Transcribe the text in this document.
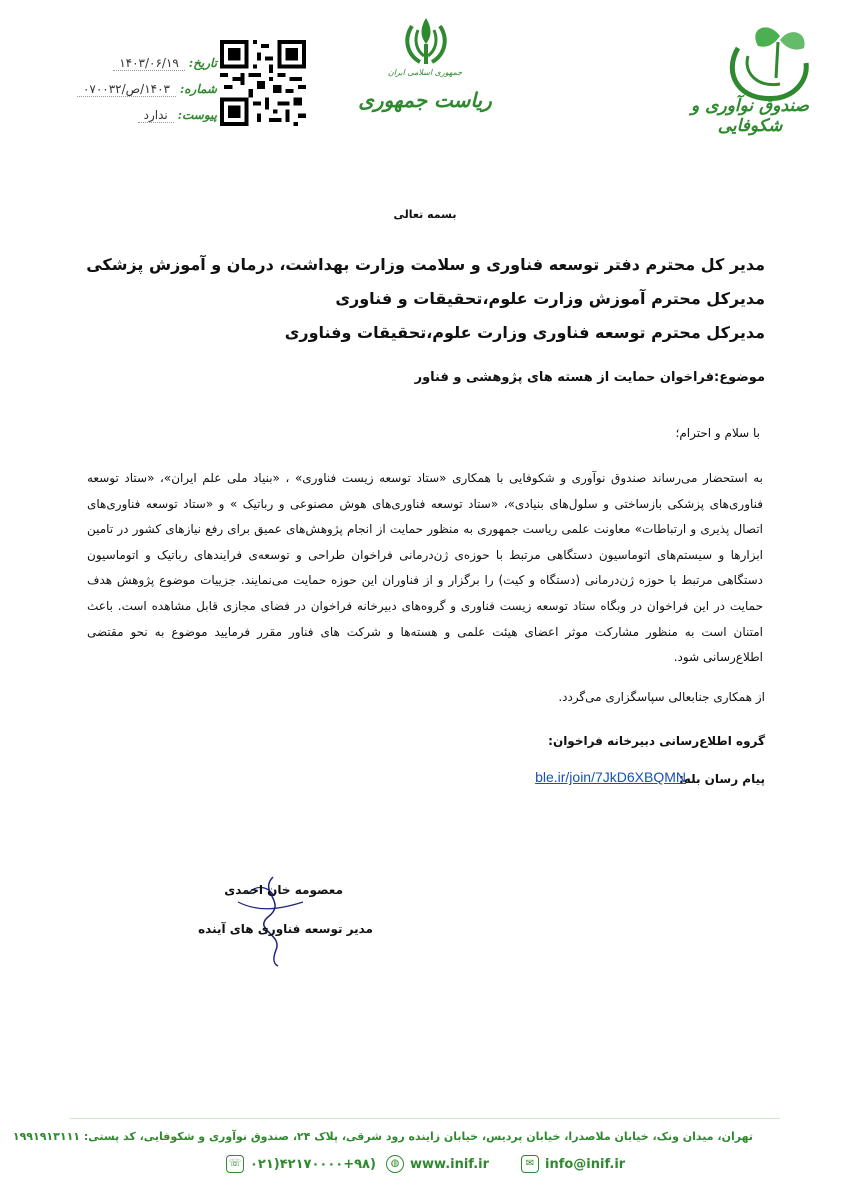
صندوق نوآوری و شکوفایی
جمهوری اسلامی ایران
ریاست جمهوری
تاریخ: ۱۴۰۳/۰۶/۱۹
شماره: ۱۴۰۳/ص/۰۷۰۰۳۲
پیوست: ندارد
بسمه تعالی
مدیر کل محترم دفتر توسعه فناوری و سلامت وزارت بهداشت، درمان و آموزش پزشکی
مدیرکل محترم آموزش وزارت علوم،تحقیقات و فناوری
مدیرکل محترم توسعه فناوری وزارت علوم،تحقیقات وفناوری
موضوع:فراخوان حمایت از هسته های پژوهشی و فناور
با سلام و احترام؛
به استحضار می‌رساند صندوق نوآوری و شکوفایی با همکاری «ستاد توسعه زیست فناوری» ، «بنیاد ملی علم ایران»، «ستاد توسعه فناوری‌های پزشکی بازساختی و سلول‌های بنیادی»، «ستاد توسعه فناوری‌های هوش مصنوعی و رباتیک » و «ستاد توسعه فناوری‌های اتصال پذیری و ارتباطات» معاونت علمی ریاست جمهوری به منظور حمایت از انجام پژوهش‌های عمیق برای رفع نیازهای کشور در تامین ابزارها و سیستم‌های اتوماسیون دستگاهی مرتبط با حوزه‌ی ژن‌درمانی فراخوان طراحی و توسعه‌ی فرایندهای رباتیک و اتوماسیون دستگاهی مرتبط با حوزه ژن‌درمانی (دستگاه و کیت) را برگزار و از فناوران این حوزه حمایت می‌نمایند. جزییات موضوع پژوهش هدف حمایت در این فراخوان در وبگاه ستاد توسعه زیست فناوری و گروه‌های دبیرخانه فراخوان در فضای مجازی قابل مشاهده است. باعث امتنان است به منظور مشارکت موثر اعضای هیئت علمی و هسته‌ها و شرکت های فناور مقرر فرمایید موضوع به نحو مقتضی اطلاع‌رسانی شود.
از همکاری جنابعالی سپاسگزاری می‌گردد.
گروه اطلاع‌رسانی دبیرخانه فراخوان:
پیام رسان بله:
ble.ir/join/7JkD6XBQMN
معصومه خان احمدی
مدیر توسعه فناوری های آینده
تهران، میدان ونک، خیابان ملاصدرا، خیابان پردیس، خیابان زاینده رود شرقی، پلاک ۲۴، صندوق نوآوری و شکوفایی، کد پستی: ۱۹۹۱۹۱۳۱۱۱
☏ ۰۲۱)۴۲۱۷۰۰۰۰+۹۸)	◍ www.inif.ir	✉ info@inif.ir
